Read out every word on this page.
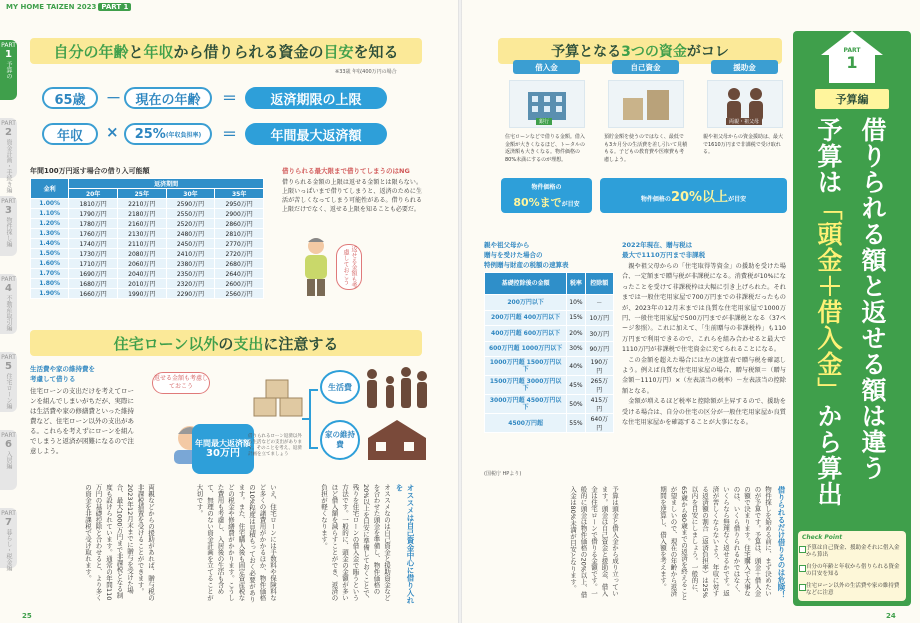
MY HOME TAIZEN 2023 PART 1
PART
1
予算の
PART
2
資金計画・手続き編
PART
3
物件探し編
PART
4
不動産取引編
PART
5
住宅ローン編
PART
6
入居編
PART
7
暮らし・税金編
自分の年齢 と 年収 から借りられる資金 の 目安 を知る
※33歳 年収400万円の場合
65歳	－	現在の年齢	＝	返済期限の上限
年収	× 25% (年収負担率) ＝	年間最大返済額
年間100万円返す場合の借り入可能額
金利	返済期間			
	20年	25年	30年	35年
1.00%	1810万円	2210万円	2590万円	2950万円
1.10%	1790万円	2180万円	2550万円	2900万円
1.20%	1780万円	2160万円	2520万円	2860万円
1.30%	1760万円	2130万円	2480万円	2810万円
1.40%	1740万円	2110万円	2450万円	2770万円
1.50%	1730万円	2080万円	2410万円	2720万円
1.60%	1710万円	2060万円	2380万円	2680万円
1.70%	1690万円	2040万円	2350万円	2640万円
1.80%	1680万円	2010万円	2320万円	2600万円
1.90%	1660万円	1990万円	2290万円	2560万円
借りられる最大限まで借りてしまうのはNG
借りられる金額の上限は返せる金額とは限らない。上限いっぱいまで借りてしまうと、返済のために生活が苦しくなってしまう可能性がある。借りられる上限だけでなく、返せる上限を知ることも必要だ。
返せる金額も考慮しておこう
住宅ローン以外 の 支出 に注意する
生活費や家の維持費を
考慮して借りる
住宅ローンの支出だけを考えてローンを組んでしまいがちだが、実際には生活費や家の修繕費といった維持費など、住宅ローン以外の支出がある。これらを考えずにローンを組んでしまうと返済が困難になるので注意しよう。
返せる金額も考慮しておこう
年間最大返済額
30万円
借りられるローン返済以外も生活などの支出があります。そのことを考え、返済計画を立てましょう
生活費
家の維持費
オススメは自己資金中心に借り入れを
オススメなのは自己資金と援助資金などを合わせた頭金を準備し、物件価格の20%以上を目安に準備しておくことで、残りを住宅ローンの借入金で賄うという方法です。一般的に、頭金の金額が多いほど借入額を減らすことができ、返済の負担が軽くなります。
いえ、住宅ローンには手数料や保険料など多くの諸費用がかかるほか、物件価格の10%程度は見積もっておく必要があります。また、住宅購入後も固定資産税などの税金や修繕費がかかります。こうした費用も考慮し、入居後の生活も含めて、無理のない資金計画を立てることが大切です。
両親などからの援助があれば、贈与税の非課税措置を受けることができます。2023年12月末までに贈与を受けた場合、最大1000万円まで非課税となる制度も設けられています。通常の年間110万円の基礎控除と合わせると、より多くの資金を非課税で受け取れます。
25
予算となる 3つの資金 がコレ
借入金
銀行
住宅ローンなどで借りる金額。借入金額が大きくなるほど、トータルの返済額も大きくなる。物件価格の80%未満にするのが理想。
物件価格の
80%までが目安
自己資金
預貯金額を使うのではなく、最低でも3カ月分の生活費を差し引いて見積もる。子どもの教育費や医療費も考慮しよう。
援助金
両親・祖父母
親や祖父母からの資金援助は、最大で1610万円まで非課税で受け取れる。
物件価格の20%以上が目安
親や祖父母から
贈与を受けた場合の
特例贈与財産の税額の速算表
基礎控除後の金額	税率	控除額
200万円以下	10%	－
200万円超 400万円以下	15%	10万円
400万円超 600万円以下	20%	30万円
600万円超 1000万円以下	30%	90万円
1000万円超 1500万円以下	40%	190万円
1500万円超 3000万円以下	45%	265万円
3000万円超 4500万円以下	50%	415万円
4500万円超	55%	640万円
(国税庁 HPより)
2022年現在、贈与税は
最大で1110万円まで非課税

親や祖父母からの「住宅取得等資金」の援助を受けた場合、一定額まで贈与税が非課税になる。消費税が10%になったことを受けて非課税枠は大幅に引き上げられた。それまでは一般住宅用家屋で700万円までの非課税だったものが、2023年の12月末までは良質な住宅用家屋で1000万円、一般住宅用家屋で500万円までが非課税となる（37ページ参照）。これに加えて、「生前贈与の非課税枠」も110万円まで利用できるので、これらを組み合わせると最大で1110万円が非課税で住宅資金に充てられることになる。

この金額を超えた場合には左の速算表で贈与税を確認しよう。例えば良質な住宅用家屋の場合、贈与税額＝（贈与金額－1110万円）×（左表該当の税率）－左表該当の控除額となる。

金額が増えるほど税率と控除額が上昇するので、援助を受ける場合は、自分の住宅の区分が一般住宅用家屋か良質な住宅用家屋かを確認することが大事になる。

借りられるだけ借りるのは危険！
物件探しを始める前に、まず決めたいのが予算です。予算は、頭金＋借入金の額で決まります。住宅購入で大事なのは、いくら借りられるかではなく、いくらなら無理なく返せるかです。返済が苦しくならないよう、年収に対する返済額の割合（返済負担率）は25%以内を目安にしましょう。一般的に、65歳から80歳までの返済を終えることが望ましいので、現在の年齢から返済期間を逆算し、借入額を考えます。
予算は頭金と借入金から成り立っています。頭金は自己資金と援助金、借入金は住宅ローンで借りる金額です。一般的に頭金は物件価格の20%以上、借入金は80%未満が目安となります。
PART
1
予算編
借りられる額と返せる額は違う
予算は「頭金＋借入金」から算出
Check Point
予算は自己資金、援助金それに借入金から算出
自分の年齢と年収から借りられる資金の目安を知る
住宅ローン以外の生活費や家の維持費などに注意
24
